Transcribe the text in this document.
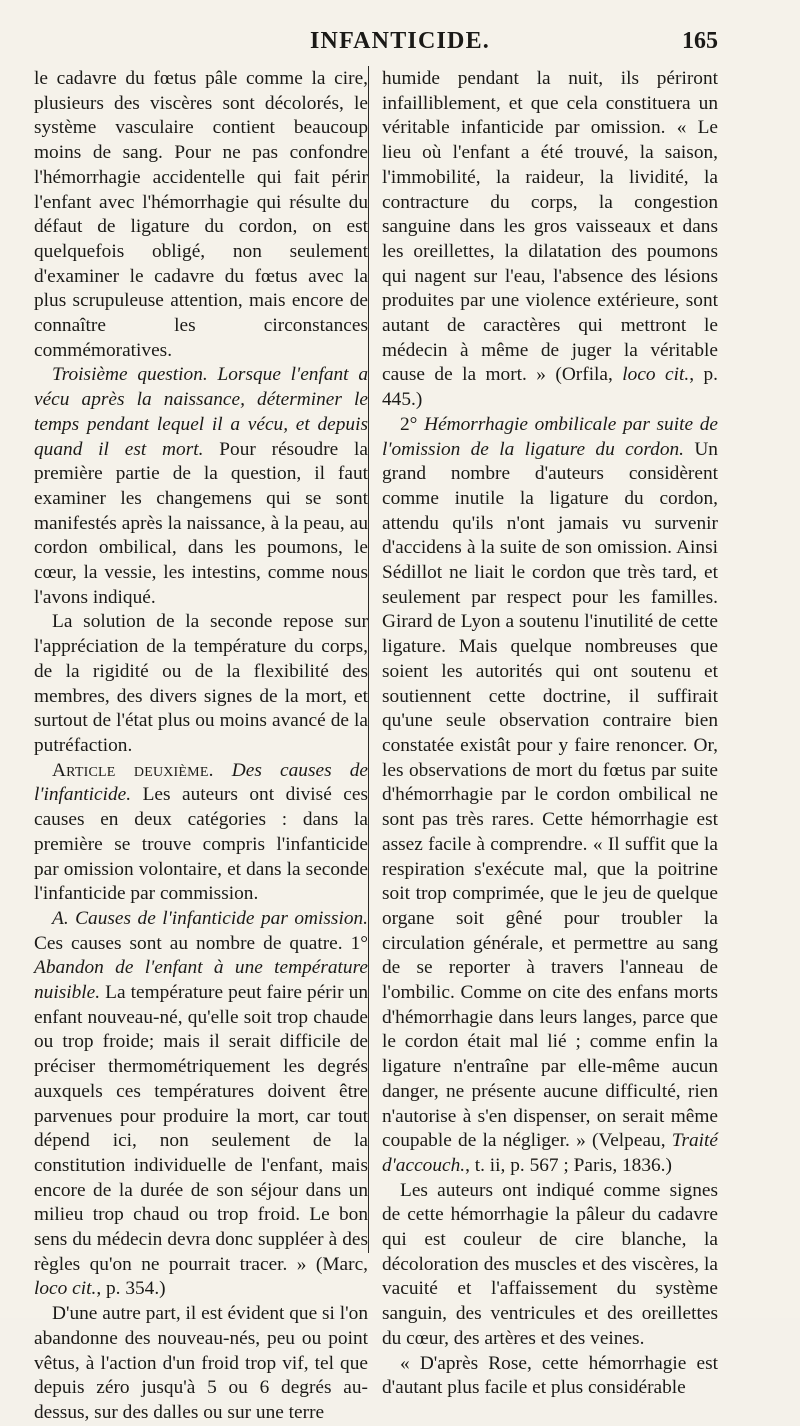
INFANTICIDE.	165

le cadavre du fœtus pâle comme la cire, plusieurs des viscères sont décolorés, le système vasculaire contient beaucoup moins de sang. Pour ne pas confondre l'hémorrhagie accidentelle qui fait périr l'enfant avec l'hémorrhagie qui résulte du défaut de ligature du cordon, on est quelquefois obligé, non seulement d'examiner le cadavre du fœtus avec la plus scrupuleuse attention, mais encore de connaître les circonstances commémoratives.

Troisième question. Lorsque l'enfant a vécu après la naissance, déterminer le temps pendant lequel il a vécu, et depuis quand il est mort. Pour résoudre la première partie de la question, il faut examiner les changemens qui se sont manifestés après la naissance, à la peau, au cordon ombilical, dans les poumons, le cœur, la vessie, les intestins, comme nous l'avons indiqué.

La solution de la seconde repose sur l'appréciation de la température du corps, de la rigidité ou de la flexibilité des membres, des divers signes de la mort, et surtout de l'état plus ou moins avancé de la putréfaction.

Article deuxième. Des causes de l'infanticide. Les auteurs ont divisé ces causes en deux catégories : dans la première se trouve compris l'infanticide par omission volontaire, et dans la seconde l'infanticide par commission.

A. Causes de l'infanticide par omission. Ces causes sont au nombre de quatre. 1° Abandon de l'enfant à une température nuisible. La température peut faire périr un enfant nouveau-né, qu'elle soit trop chaude ou trop froide; mais il serait difficile de préciser thermométriquement les degrés auxquels ces températures doivent être parvenues pour produire la mort, car tout dépend ici, non seulement de la constitution individuelle de l'enfant, mais encore de la durée de son séjour dans un milieu trop chaud ou trop froid. Le bon sens du médecin devra donc suppléer à des règles qu'on ne pourrait tracer. » (Marc, loco cit., p. 354.)

D'une autre part, il est évident que si l'on abandonne des nouveau-nés, peu ou point vêtus, à l'action d'un froid trop vif, tel que depuis zéro jusqu'à 5 ou 6 degrés au-dessus, sur des dalles ou sur une terre

humide pendant la nuit, ils périront infailliblement, et que cela constituera un véritable infanticide par omission. « Le lieu où l'enfant a été trouvé, la saison, l'immobilité, la raideur, la lividité, la contracture du corps, la congestion sanguine dans les gros vaisseaux et dans les oreillettes, la dilatation des poumons qui nagent sur l'eau, l'absence des lésions produites par une violence extérieure, sont autant de caractères qui mettront le médecin à même de juger la véritable cause de la mort. » (Orfila, loco cit., p. 445.)

2° Hémorrhagie ombilicale par suite de l'omission de la ligature du cordon. Un grand nombre d'auteurs considèrent comme inutile la ligature du cordon, attendu qu'ils n'ont jamais vu survenir d'accidens à la suite de son omission. Ainsi Sédillot ne liait le cordon que très tard, et seulement par respect pour les familles. Girard de Lyon a soutenu l'inutilité de cette ligature. Mais quelque nombreuses que soient les autorités qui ont soutenu et soutiennent cette doctrine, il suffirait qu'une seule observation contraire bien constatée existât pour y faire renoncer. Or, les observations de mort du fœtus par suite d'hémorrhagie par le cordon ombilical ne sont pas très rares. Cette hémorrhagie est assez facile à comprendre. « Il suffit que la respiration s'exécute mal, que la poitrine soit trop comprimée, que le jeu de quelque organe soit gêné pour troubler la circulation générale, et permettre au sang de se reporter à travers l'anneau de l'ombilic. Comme on cite des enfans morts d'hémorrhagie dans leurs langes, parce que le cordon était mal lié ; comme enfin la ligature n'entraîne par elle-même aucun danger, ne présente aucune difficulté, rien n'autorise à s'en dispenser, on serait même coupable de la négliger. » (Velpeau, Traité d'accouch., t. ii, p. 567 ; Paris, 1836.)

Les auteurs ont indiqué comme signes de cette hémorrhagie la pâleur du cadavre qui est couleur de cire blanche, la décoloration des muscles et des viscères, la vacuité et l'affaissement du système sanguin, des ventricules et des oreillettes du cœur, des artères et des veines.

« D'après Rose, cette hémorrhagie est d'autant plus facile et plus considérable
